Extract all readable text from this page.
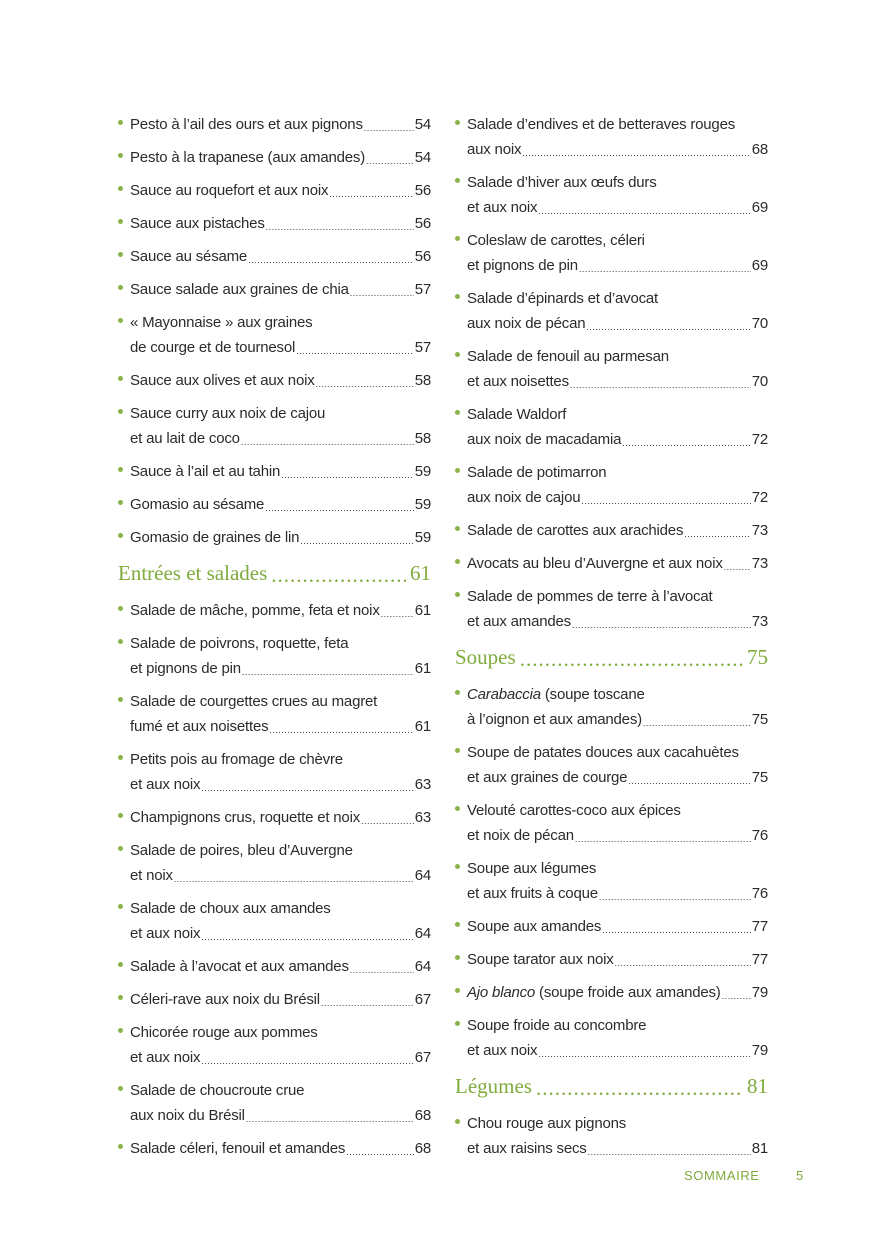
Pesto à l’ail des ours et aux pignons .....	54
Pesto à la trapanese (aux amandes) .....	54
Sauce au roquefort et aux noix .....	56
Sauce aux pistaches .....	56
Sauce au sésame .....	56
Sauce salade aux graines de chia .....	57
« Mayonnaise » aux graines
de courge et de tournesol .....	57
Sauce aux olives et aux noix .....	58
Sauce curry aux noix de cajou
et au lait de coco .....	58
Sauce à l’ail et au tahin .....	59
Gomasio au sésame .....	59
Gomasio de graines de lin .....	59
Entrées et salades .....	61
Salade de mâche, pomme, feta et noix ..... 61
Salade de poivrons, roquette, feta
et pignons de pin .....	61
Salade de courgettes crues au magret
fumé et aux noisettes .....	61
Petits pois au fromage de chèvre
et aux noix .....	63
Champignons crus, roquette et noix .....	63
Salade de poires, bleu d’Auvergne
et noix .....	64
Salade de choux aux amandes
et aux noix .....	64
Salade à l’avocat et aux amandes .....	64
Céleri-rave aux noix du Brésil .....	67
Chicorée rouge aux pommes
et aux noix .....	67
Salade de choucroute crue
aux noix du Brésil .....	68
Salade céleri, fenouil et amandes .....	68
Salade d’endives et de betteraves rouges
aux noix .....	68
Salade d’hiver aux œufs durs
et aux noix .....	69
Coleslaw de carottes, céleri
et pignons de pin .....	69
Salade d’épinards et d’avocat
aux noix de pécan .....	70
Salade de fenouil au parmesan
et aux noisettes .....	70
Salade Waldorf
aux noix de macadamia .....	72
Salade de potimarron
aux noix de cajou .....	72
Salade de carottes aux arachides .....	73
Avocats au bleu d’Auvergne et aux noix ..... 73
Salade de pommes de terre à l’avocat
et aux amandes .....	73
Soupes .....	75
Carabaccia (soupe toscane
à l’oignon et aux amandes) .....	75
Soupe de patates douces aux cacahuètes
et aux graines de courge .....	75
Velouté carottes-coco aux épices
et noix de pécan .....	76
Soupe aux légumes
et aux fruits à coque .....	76
Soupe aux amandes .....	77
Soupe tarator aux noix .....	77
Ajo blanco (soupe froide aux amandes) ..... 79
Soupe froide au concombre
et aux noix .....	79
Légumes .....	81
Chou rouge aux pignons
et aux raisins secs .....	81
SOMMAIRE	5
